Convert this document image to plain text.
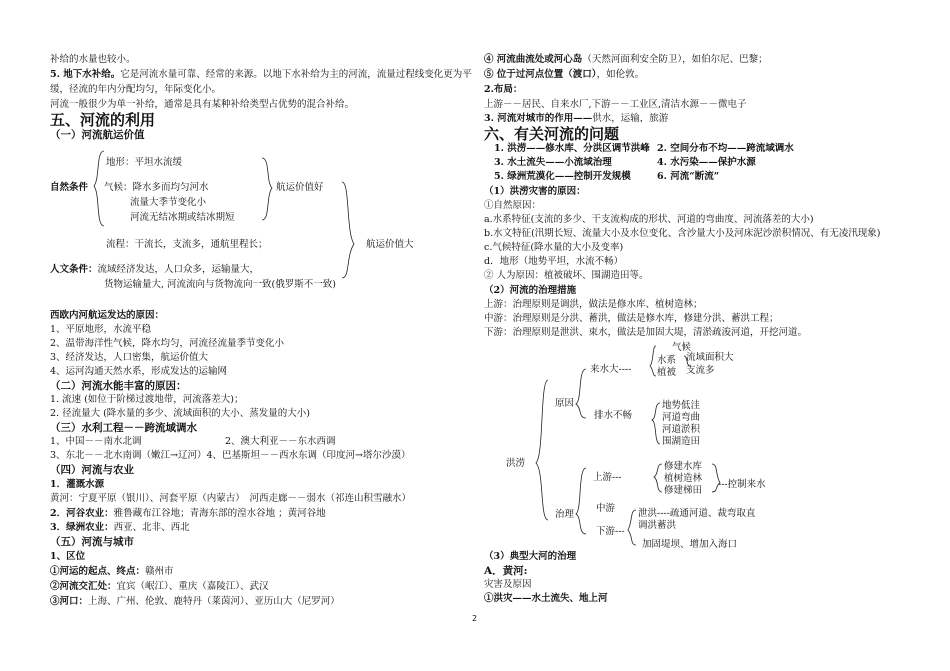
补给的水量也较小。
5. 地下水补给。它是河流水量可靠、经常的来源。以地下水补给为主的河流，流量过程线变化更为平
缓，径流的年内分配均匀，年际变化小。
河流一般很少为单一补给，通常是具有某种补给类型占优势的混合补给。
五、河流的利用
（一）河流航运价值
地形：平坦水流缓
自然条件 气候：降水多而均匀河水
流量大季节变化小
河流无结冰期或结冰期短
航运价值好
流程：干流长，支流多，通航里程长；	航运价值大
人文条件：流域经济发达，人口众多，运输量大，
货物运输量大, 河流流向与货物流向一致(俄罗斯不一致)
西欧内河航运发达的原因：
1、平原地形，水流平稳
2、温带海洋性气候，降水均匀，河流径流量季节变化小
3、经济发达，人口密集，航运价值大
4、运河沟通天然水系，形成发达的运输网
（二）河流水能丰富的原因：
1. 流速 (如位于阶梯过渡地带，河流落差大)；
2. 径流量大 (降水量的多少、流域面积的大小、蒸发量的大小)
（三）水利工程－－跨流域调水
1、中国－－南水北调	2、澳大利亚－－东水西调
3、东北－－北水南调（嫩江→辽河）4、巴基斯坦－－西水东调（印度河→塔尔沙漠）
（四）河流与农业
1．灌溉水源
黄河：宁夏平原（银川）、河套平原（内蒙古）　河西走廊－－弱水（祁连山积雪融水）
2．河谷农业：雅鲁藏布江谷地；青海东部的湟水谷地 ；黄河谷地
3．绿洲农业：西亚、北非、西北
（五）河流与城市
1、区位
①河运的起点、终点：赣州市
②河流交汇处：宜宾（岷江）、重庆（嘉陵江）、武汉
③河口：上海、广州、伦敦、鹿特丹（莱茵河）、亚历山大（尼罗河）
④ 河流曲流处或河心岛（天然河面利安全防卫），如伯尔尼、巴黎；
⑤ 位于过河点位置（渡口），如伦敦。
2.布局：
上游－－居民、自来水厂,下游－－工业区,清洁水源－－微电子
3. 河流对城市的作用——供水，运输，旅游
六、有关河流的问题
1. 洪涝——修水库、分洪区调节洪峰 2. 空间分布不均——跨流域调水
3. 水土流失——小流域治理	4. 水污染——保护水源
5. 绿洲荒漠化——控制开发规模	6. 河流“断流”
（1）洪涝灾害的原因：
①自然原因：
a.水系特征(支流的多少、干支流构成的形状、河道的弯曲度、河流落差的大小)
b.水文特征(汛期长短、流量大小及水位变化、含沙量大小及河床泥沙淤积情况、有无凌汛现象)
c.气候特征(降水量的大小及变率)
d．地形（地势平坦，水流不畅）
② 人为原因：植被破坏、围湖造田等。
（2）河流的治理措施
上游：治理原则是调洪，做法是修水库、植树造林；
中游：治理原则是分洪、蓄洪，做法是修水库，修建分洪、蓄洪工程；
下游：治理原则是泄洪、束水，做法是加固大堤，清淤疏浚河道，开挖河道。
洪涝
原因
治理
来水大----
气候
水系
植被
流域面积大
支流多
排水不畅
地势低洼
河道弯曲
河道淤积
围湖造田
上游---
修建水库
植树造林
修建梯田
---控制来水
中游
下游---
泄洪----疏通河道、裁弯取直
调洪蓄洪
加固堤坝、增加入海口
（3）典型大河的治理
A．黄河:
灾害及原因
①洪灾——水土流失、地上河
2
